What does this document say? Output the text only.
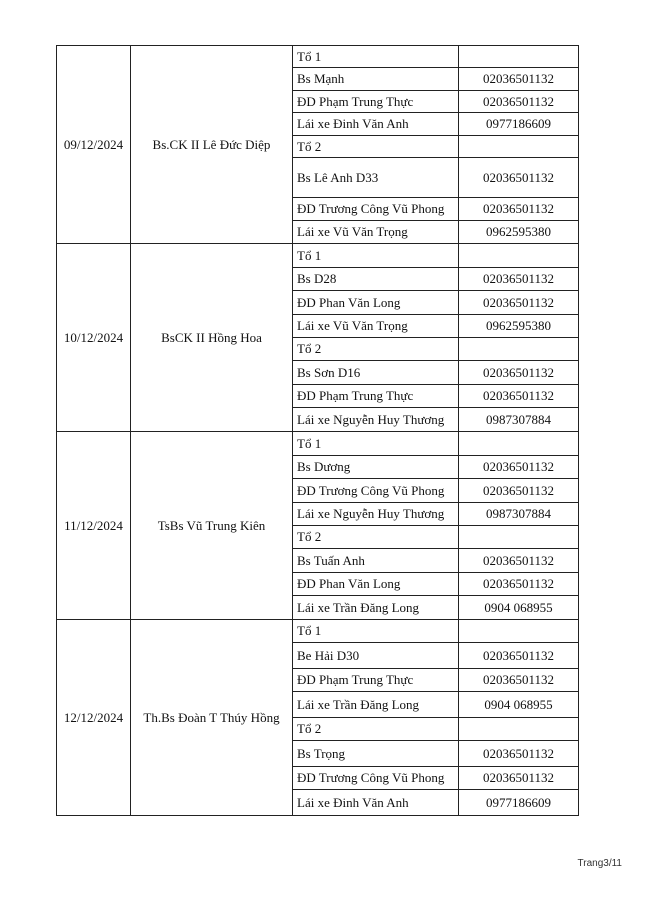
09/12/2024	Bs.CK II Lê Đức Diệp	Tổ 1	
		Bs Mạnh	02036501132
		ĐD Phạm Trung Thực	02036501132
		Lái xe Đinh Văn Anh	0977186609
		Tổ 2	
		Bs Lê Anh D33	02036501132
		ĐD Trương Công Vũ Phong	02036501132
		Lái xe Vũ Văn Trọng	0962595380
10/12/2024	BsCK II Hồng Hoa	Tổ 1	
		Bs D28	02036501132
		ĐD Phan Văn Long	02036501132
		Lái xe Vũ Văn Trọng	0962595380
		Tổ 2	
		Bs Sơn D16	02036501132
		ĐD Phạm Trung Thực	02036501132
		Lái xe Nguyễn Huy Thương	0987307884
11/12/2024	TsBs Vũ Trung Kiên	Tổ 1	
		Bs Dương	02036501132
		ĐD Trương Công Vũ Phong	02036501132
		Lái xe Nguyễn Huy Thương	0987307884
		Tổ 2	
		Bs Tuấn Anh	02036501132
		ĐD Phan Văn Long	02036501132
		Lái xe Trần Đăng Long	0904 068955
12/12/2024	Th.Bs Đoàn T Thúy Hồng	Tổ 1	
		Be Hải D30	02036501132
		ĐD Phạm Trung Thực	02036501132
		Lái xe Trần Đăng Long	0904 068955
		Tổ 2	
		Bs Trọng	02036501132
		ĐD Trương Công Vũ Phong	02036501132
		Lái xe Đinh Văn Anh	0977186609
Trang3/11
